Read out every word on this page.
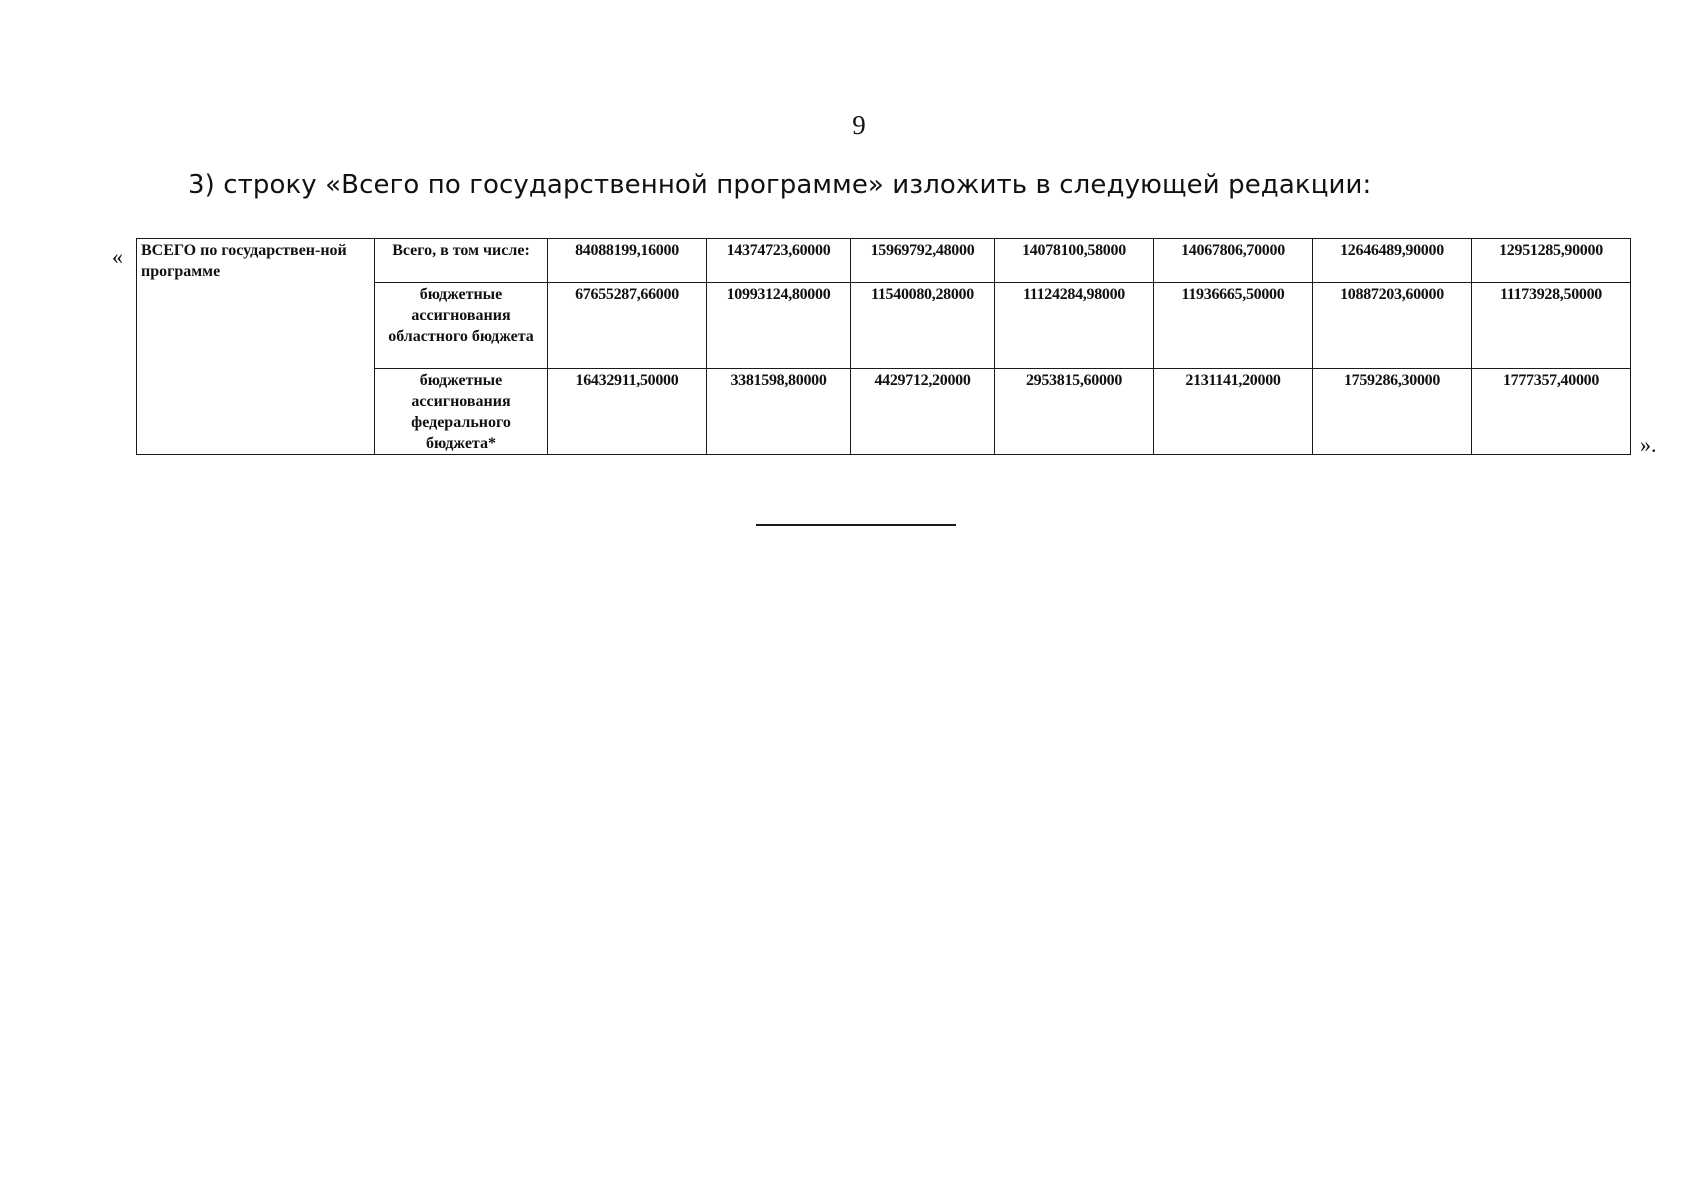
9
3) строку «Всего по государственной программе» изложить в следующей редакции:
« ВСЕГО по государствен-ной программе	Всего, в том числе:	84088199,16000	14374723,60000	15969792,48000	14078100,58000	14067806,70000	12646489,90000	12951285,90000
	бюджетные ассигнования областного бюджета	67655287,66000	10993124,80000	11540080,28000	11124284,98000	11936665,50000	10887203,60000	11173928,50000
	бюджетные ассигнования федерального бюджета*	16432911,50000	3381598,80000	4429712,20000	2953815,60000	2131141,20000	1759286,30000	1777357,40000
».
